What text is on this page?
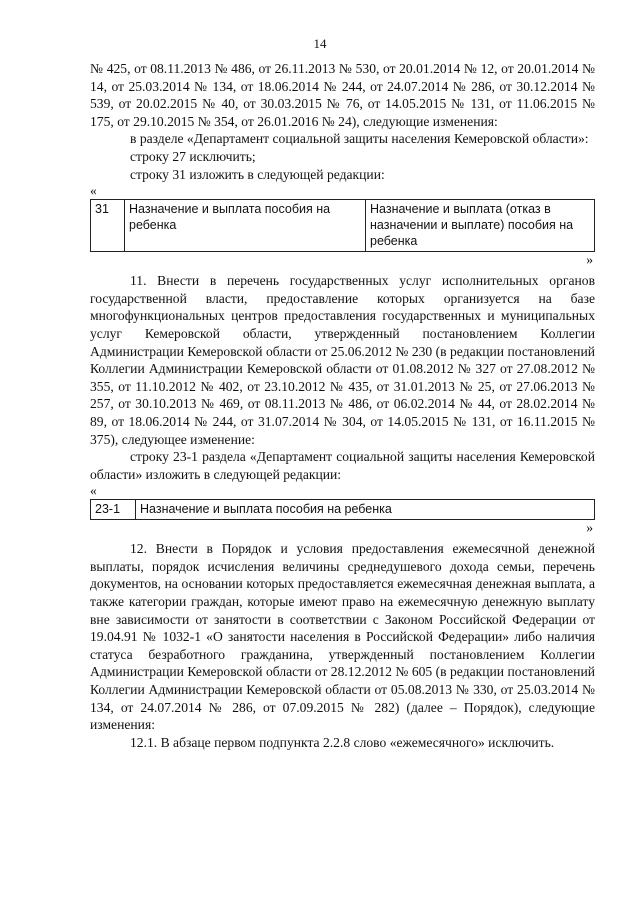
14

№ 425, от 08.11.2013 № 486, от 26.11.2013 № 530, от 20.01.2014 № 12, от 20.01.2014 № 14, от 25.03.2014 № 134, от 18.06.2014 № 244, от 24.07.2014 № 286, от 30.12.2014 № 539, от 20.02.2015 № 40, от 30.03.2015 № 76, от 14.05.2015 № 131, от 11.06.2015 № 175, от 29.10.2015 № 354, от 26.01.2016 № 24), следующие изменения:

в разделе «Департамент социальной защиты населения Кемеровской области»:

строку 27 исключить;

строку 31 изложить в следующей редакции:

«

31	Назначение и выплата пособия на ребенка	Назначение и выплата (отказ в назначении и выплате) пособия на ребенка

»

11. Внести в перечень государственных услуг исполнительных органов государственной власти, предоставление которых организуется на базе многофункциональных центров предоставления государственных и муниципальных услуг Кемеровской области, утвержденный постановлением Коллегии Администрации Кемеровской области от 25.06.2012 № 230 (в редакции постановлений Коллегии Администрации Кемеровской области от 01.08.2012 № 327 от 27.08.2012 № 355, от 11.10.2012 № 402, от 23.10.2012 № 435, от 31.01.2013 № 25, от 27.06.2013 № 257, от 30.10.2013 № 469, от 08.11.2013 № 486, от 06.02.2014 № 44, от 28.02.2014 № 89, от 18.06.2014 № 244, от 31.07.2014 № 304, от 14.05.2015 № 131, от 16.11.2015 № 375), следующее изменение:

строку 23-1 раздела «Департамент социальной защиты населения Кемеровской области» изложить в следующей редакции:

«

23-1	Назначение и выплата пособия на ребенка

»

12. Внести в Порядок и условия предоставления ежемесячной денежной выплаты, порядок исчисления величины среднедушевого дохода семьи, перечень документов, на основании которых предоставляется ежемесячная денежная выплата, а также категории граждан, которые имеют право на ежемесячную денежную выплату вне зависимости от занятости в соответствии с Законом Российской Федерации от 19.04.91 № 1032-1 «О занятости населения в Российской Федерации» либо наличия статуса безработного гражданина, утвержденный постановлением Коллегии Администрации Кемеровской области от 28.12.2012 № 605 (в редакции постановлений Коллегии Администрации Кемеровской области от 05.08.2013 № 330, от 25.03.2014 № 134, от 24.07.2014 № 286, от 07.09.2015 № 282) (далее – Порядок), следующие изменения:

12.1. В абзаце первом подпункта 2.2.8 слово «ежемесячного» исключить.
